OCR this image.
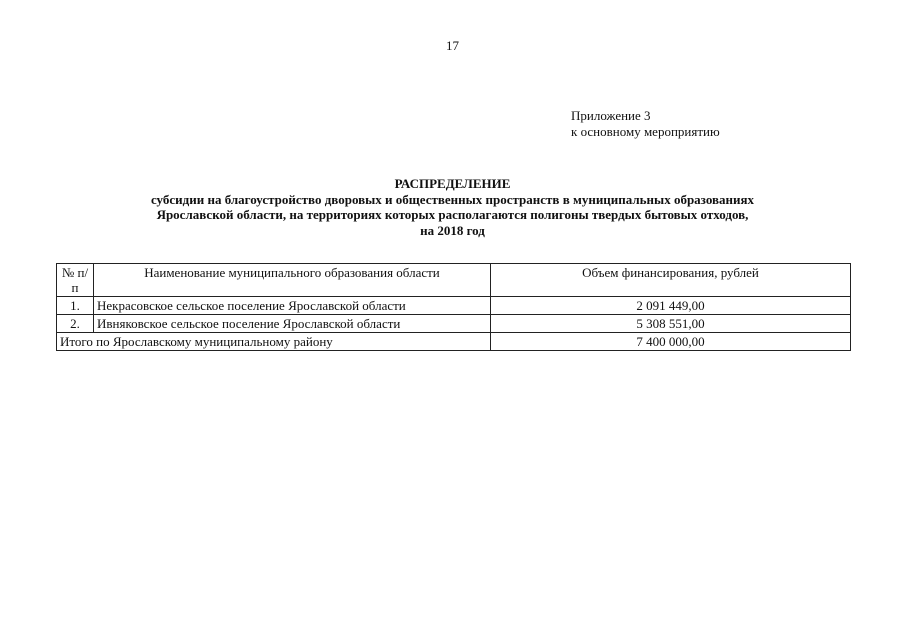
17
Приложение 3
к основному мероприятию
РАСПРЕДЕЛЕНИЕ
субсидии на благоустройство дворовых и общественных пространств в муниципальных образованиях
Ярославской области, на территориях которых располагаются полигоны твердых бытовых отходов,
на 2018 год
№ п/п	Наименование муниципального образования области	Объем финансирования, рублей
1.	Некрасовское сельское поселение Ярославской области	2 091 449,00
2.	Ивняковское сельское поселение Ярославской области	5 308 551,00
Итого по Ярославскому муниципальному району		7 400 000,00
